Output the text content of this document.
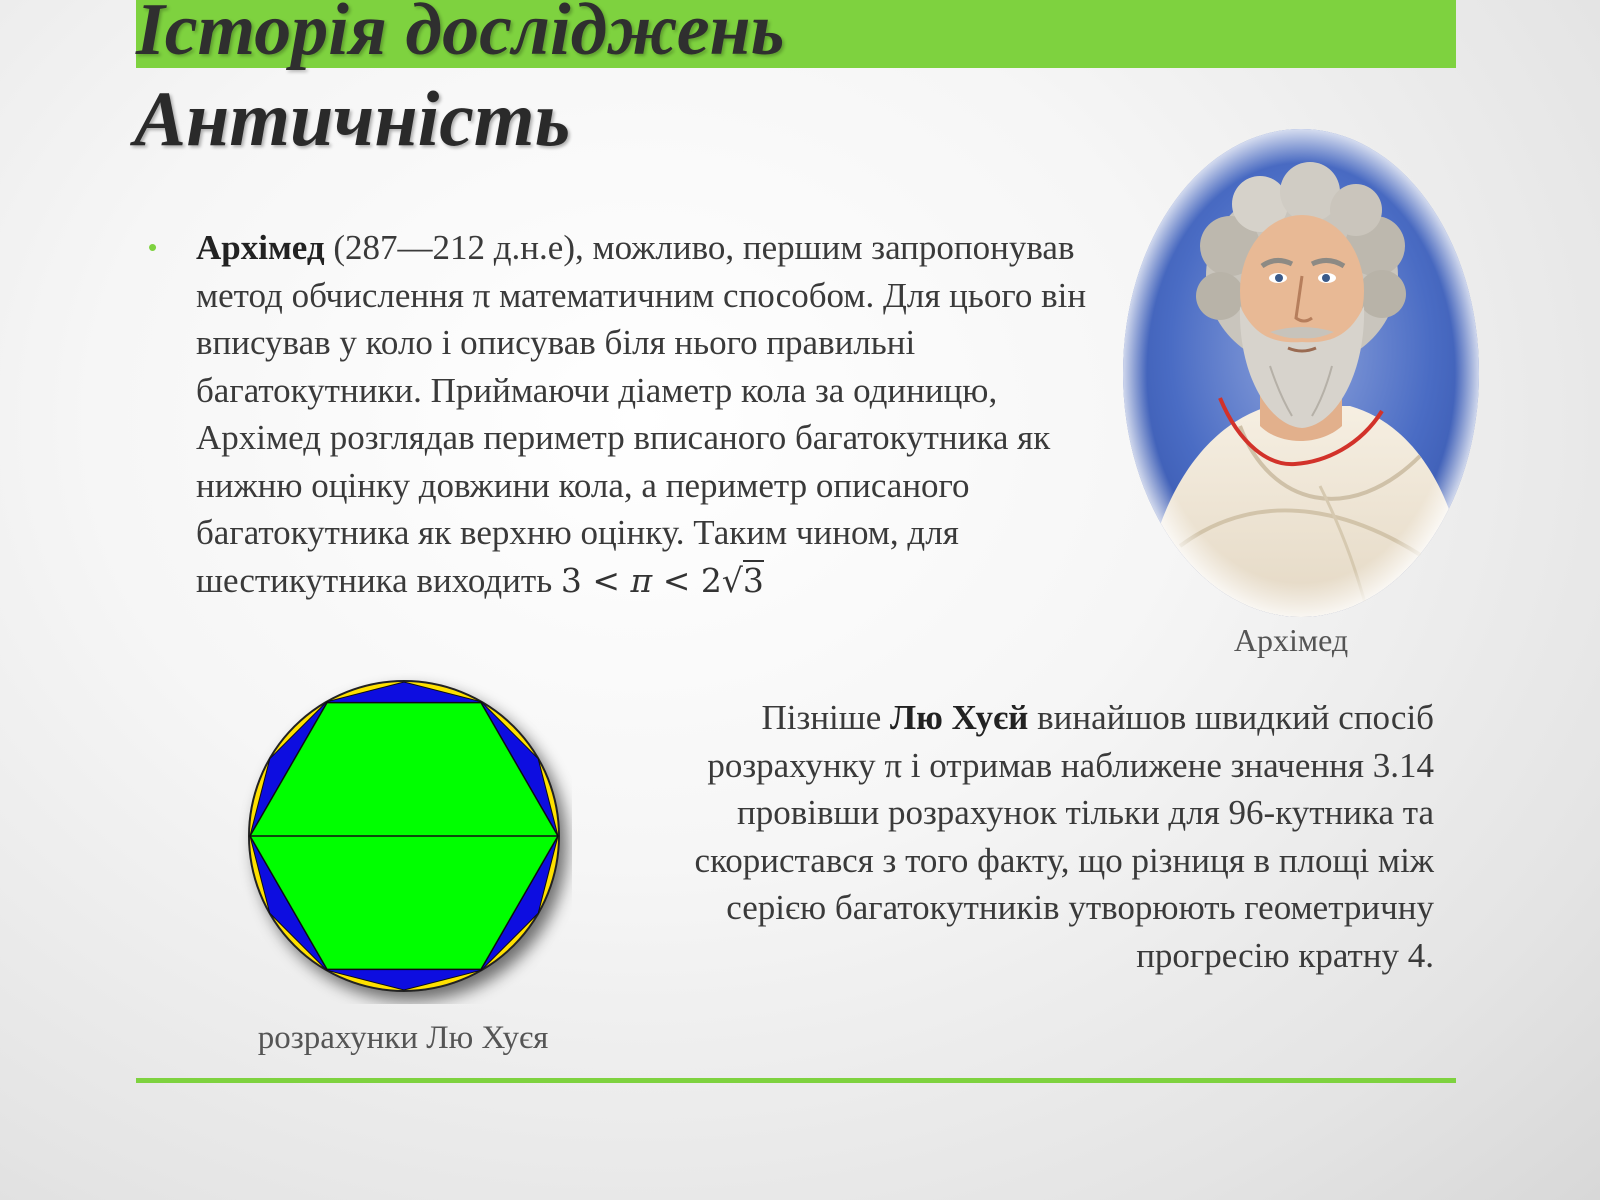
Історія досліджень
Античність
• Архімед (287—212 д.н.е), можливо, першим запропонував метод обчислення π математичним способом. Для цього він вписував у коло і описував біля нього правильні багатокутники. Приймаючи діаметр кола за одиницю, Архімед розглядав периметр вписаного багатокутника як нижню оцінку довжини кола, а периметр описаного багатокутника як верхню оцінку. Таким чином, для шестикутника виходить 3 < π < 2√3

Архімед

розрахунки Лю Хуєя

Пізніше Лю Хуєй винайшов швидкий спосіб розрахунку π і отримав наближене значення 3.14 провівши розрахунок тільки для 96-кутника та скористався з того факту, що різниця в площі між серією багатокутників утворюють геометричну прогресію кратну 4.
